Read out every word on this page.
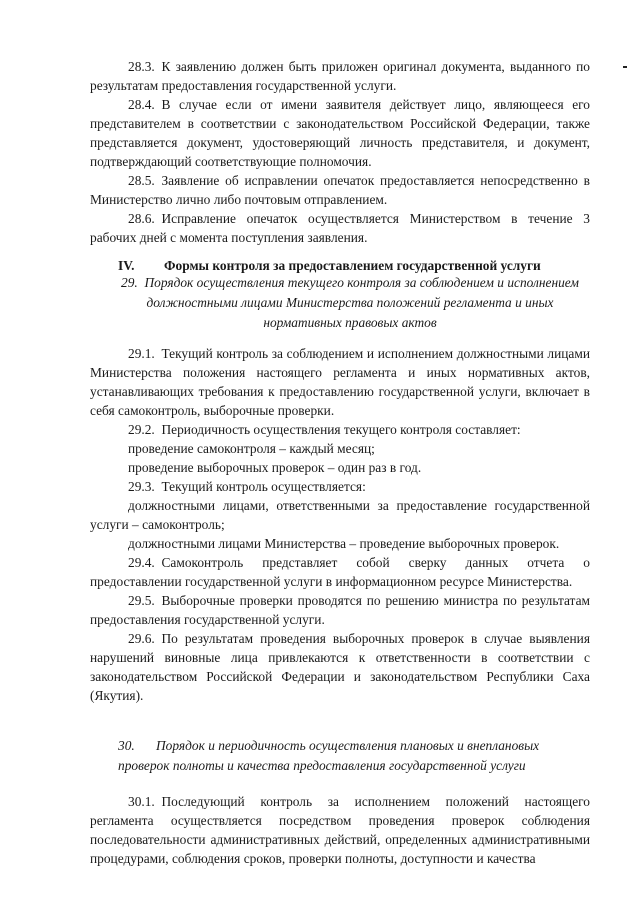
28.3. К заявлению должен быть приложен оригинал документа, выданного по результатам предоставления государственной услуги.

28.4. В случае если от имени заявителя действует лицо, являющееся его представителем в соответствии с законодательством Российской Федерации, также представляется документ, удостоверяющий личность представителя, и документ, подтверждающий соответствующие полномочия.

28.5. Заявление об исправлении опечаток предоставляется непосредственно в Министерство лично либо почтовым отправлением.

28.6. Исправление опечаток осуществляется Министерством в течение 3 рабочих дней с момента поступления заявления.

IV. Формы контроля за предоставлением государственной услуги

29. Порядок осуществления текущего контроля за соблюдением и исполнением должностными лицами Министерства положений регламента и иных нормативных правовых актов

29.1. Текущий контроль за соблюдением и исполнением должностными лицами Министерства положения настоящего регламента и иных нормативных актов, устанавливающих требования к предоставлению государственной услуги, включает в себя самоконтроль, выборочные проверки.

29.2. Периодичность осуществления текущего контроля составляет:

проведение самоконтроля – каждый месяц;

проведение выборочных проверок – один раз в год.

29.3. Текущий контроль осуществляется:

должностными лицами, ответственными за предоставление государственной услуги – самоконтроль;

должностными лицами Министерства – проведение выборочных проверок.

29.4. Самоконтроль представляет собой сверку данных отчета о предоставлении государственной услуги в информационном ресурсе Министерства.

29.5. Выборочные проверки проводятся по решению министра по результатам предоставления государственной услуги.

29.6. По результатам проведения выборочных проверок в случае выявления нарушений виновные лица привлекаются к ответственности в соответствии с законодательством Российской Федерации и законодательством Республики Саха (Якутия).

30. Порядок и периодичность осуществления плановых и внеплановых проверок полноты и качества предоставления государственной услуги

30.1. Последующий контроль за исполнением положений настоящего регламента осуществляется посредством проведения проверок соблюдения последовательности административных действий, определенных административными процедурами, соблюдения сроков, проверки полноты, доступности и качества
